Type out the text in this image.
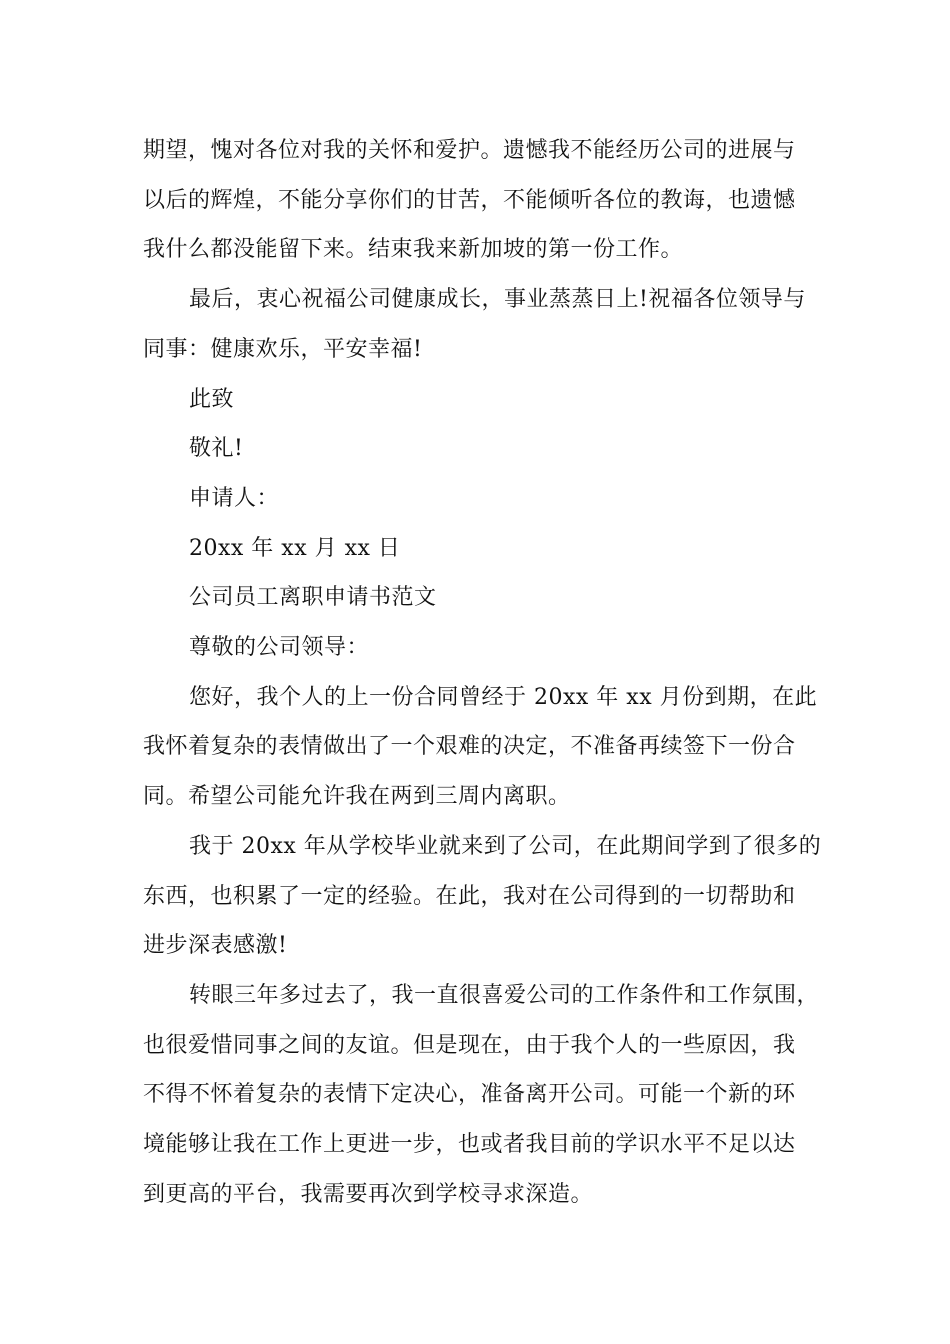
期望，愧对各位对我的关怀和爱护。遗憾我不能经历公司的进展与
以后的辉煌，不能分享你们的甘苦，不能倾听各位的教诲，也遗憾
我什么都没能留下来。结束我来新加坡的第一份工作。

最后，衷心祝福公司健康成长，事业蒸蒸日上!祝福各位领导与
同事：健康欢乐，平安幸福!

此致

敬礼!

申请人：

20xx 年 xx 月 xx 日

公司员工离职申请书范文

尊敬的公司领导：

您好，我个人的上一份合同曾经于 20xx 年 xx 月份到期，在此
我怀着复杂的表情做出了一个艰难的决定，不准备再续签下一份合
同。希望公司能允许我在两到三周内离职。

我于 20xx 年从学校毕业就来到了公司，在此期间学到了很多的
东西，也积累了一定的经验。在此，我对在公司得到的一切帮助和
进步深表感激!

转眼三年多过去了，我一直很喜爱公司的工作条件和工作氛围，
也很爱惜同事之间的友谊。但是现在，由于我个人的一些原因，我
不得不怀着复杂的表情下定决心，准备离开公司。可能一个新的环
境能够让我在工作上更进一步，也或者我目前的学识水平不足以达
到更高的平台，我需要再次到学校寻求深造。
